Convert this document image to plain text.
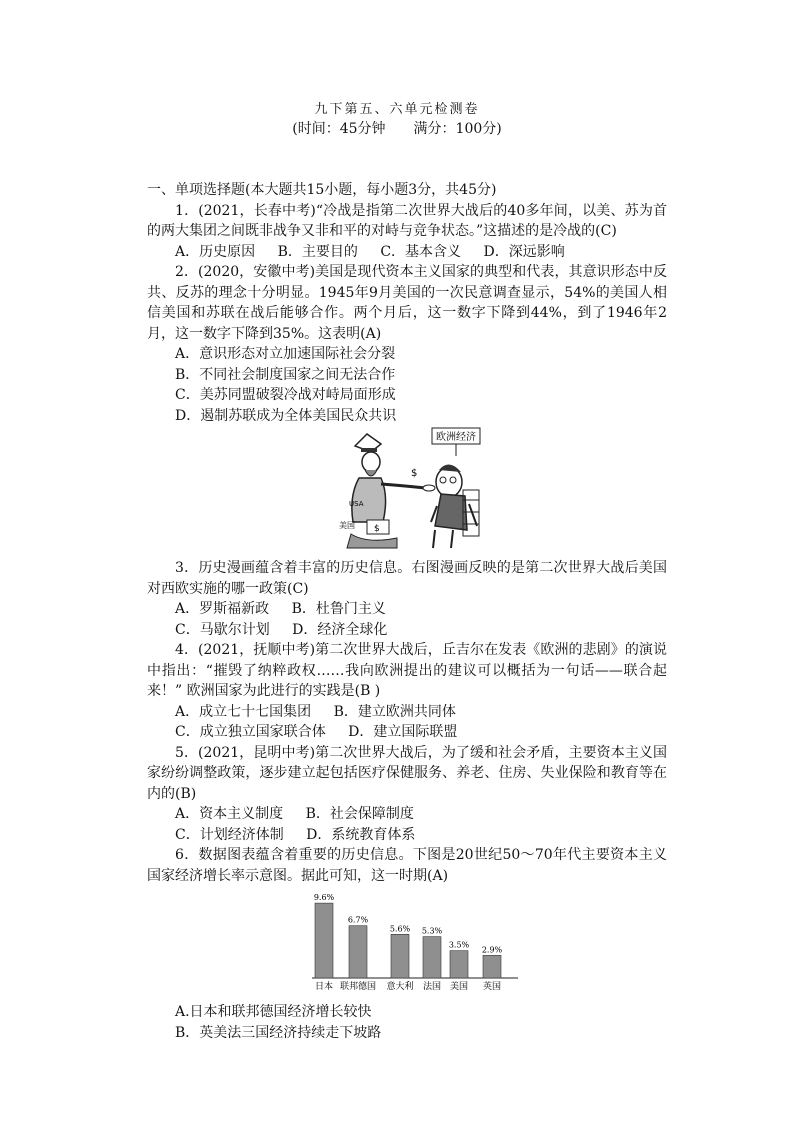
九下第五、六单元检测卷
(时间：45分钟　　满分：100分)

一、单项选择题(本大题共15小题，每小题3分，共45分)

1．(2021，长春中考)“冷战是指第二次世界大战后的40多年间，以美、苏为首的两大集团之间既非战争又非和平的对峙与竞争状态。”这描述的是冷战的(C)

A．历史原因 B．主要目的 C．基本含义 D．深远影响

2．(2020，安徽中考)美国是现代资本主义国家的典型和代表，其意识形态中反共、反苏的理念十分明显。1945年9月美国的一次民意调查显示，54%的美国人相信美国和苏联在战后能够合作。两个月后，这一数字下降到44%，到了1946年2月，这一数字下降到35%。这表明(A)

A．意识形态对立加速国际社会分裂

B．不同社会制度国家之间无法合作

C．美苏同盟破裂冷战对峙局面形成

D．遏制苏联成为全体美国民众共识

欧洲经济
USA
美国 $
$

3．历史漫画蕴含着丰富的历史信息。右图漫画反映的是第二次世界大战后美国对西欧实施的哪一政策(C)

A．罗斯福新政 B．杜鲁门主义

C．马歇尔计划 D．经济全球化

4．(2021，抚顺中考)第二次世界大战后，丘吉尔在发表《欧洲的悲剧》的演说中指出：“摧毁了纳粹政权……我向欧洲提出的建议可以概括为一句话——联合起来！” 欧洲国家为此进行的实践是(B )

A．成立七十七国集团 B．建立欧洲共同体

C．成立独立国家联合体 D．建立国际联盟

5．(2021，昆明中考)第二次世界大战后，为了缓和社会矛盾，主要资本主义国家纷纷调整政策，逐步建立起包括医疗保健服务、养老、住房、失业保险和教育等在内的(B)

A．资本主义制度 B．社会保障制度

C．计划经济体制 D．系统教育体系

6．数据图表蕴含着重要的历史信息。下图是20世纪50～70年代主要资本主义国家经济增长率示意图。据此可知，这一时期(A)

9.6%
日本
6.7%
联邦德国
5.6%
意大利
5.3%
法国
3.5%
美国
2.9%
英国

A.日本和联邦德国经济增长较快

B．英美法三国经济持续走下坡路
